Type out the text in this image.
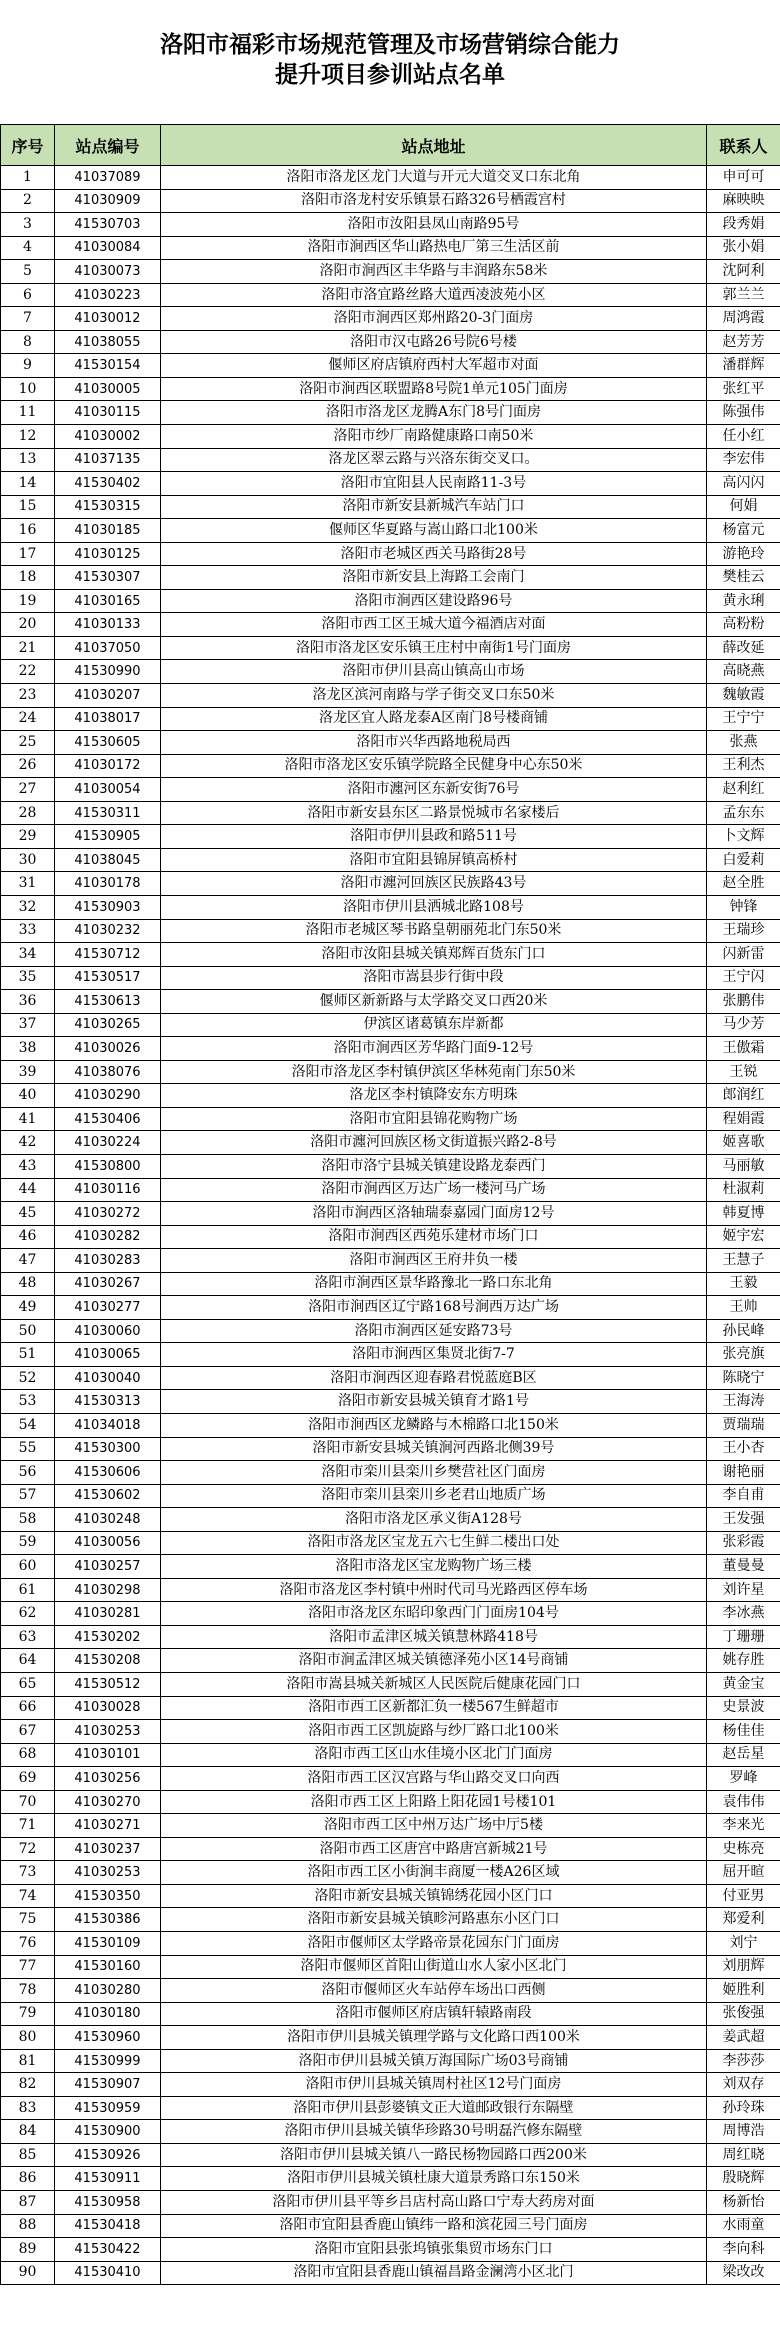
洛阳市福彩市场规范管理及市场营销综合能力
提升项目参训站点名单
序号	站点编号	站点地址	联系人
1	41037089	洛阳市洛龙区龙门大道与开元大道交叉口东北角	申可可
2	41030909	洛阳市洛龙村安乐镇景石路326号栖霞宫村	麻映映
3	41530703	洛阳市汝阳县凤山南路95号	段秀娟
4	41030084	洛阳市涧西区华山路热电厂第三生活区前	张小娟
5	41030073	洛阳市涧西区丰华路与丰润路东58米	沈阿利
6	41030223	洛阳市洛宜路丝路大道西凌波苑小区	郭兰兰
7	41030012	洛阳市涧西区郑州路20-3门面房	周鸿霞
8	41038055	洛阳市汉屯路26号院6号楼	赵芳芳
9	41530154	偃师区府店镇府西村大军超市对面	潘群辉
10	41030005	洛阳市涧西区联盟路8号院1单元105门面房	张红平
11	41030115	洛阳市洛龙区龙腾A东门8号门面房	陈强伟
12	41030002	洛阳市纱厂南路健康路口南50米	任小红
13	41037135	洛龙区翠云路与兴洛东街交叉口。	李宏伟
14	41530402	洛阳市宜阳县人民南路11-3号	高闪闪
15	41530315	洛阳市新安县新城汽车站门口	何娟
16	41030185	偃师区华夏路与嵩山路口北100米	杨富元
17	41030125	洛阳市老城区西关马路街28号	游艳玲
18	41530307	洛阳市新安县上海路工会南门	樊桂云
19	41030165	洛阳市涧西区建设路96号	黄永琍
20	41030133	洛阳市西工区王城大道今福酒店对面	高粉粉
21	41037050	洛阳市洛龙区安乐镇王庄村中南街1号门面房	薛改延
22	41530990	洛阳市伊川县高山镇高山市场	高晓燕
23	41030207	洛龙区滨河南路与学子街交叉口东50米	魏敏霞
24	41038017	洛龙区宜人路龙泰A区南门8号楼商铺	王宁宁
25	41530605	洛阳市兴华西路地税局西	张燕
26	41030172	洛阳市洛龙区安乐镇学院路全民健身中心东50米	王利杰
27	41030054	洛阳市瀍河区东新安街76号	赵利红
28	41530311	洛阳市新安县东区二路景悦城市名家楼后	孟东东
29	41530905	洛阳市伊川县政和路511号	卜文辉
30	41038045	洛阳市宜阳县锦屏镇高桥村	白爱莉
31	41030178	洛阳市瀍河回族区民族路43号	赵全胜
32	41530903	洛阳市伊川县洒城北路108号	钟锋
33	41030232	洛阳市老城区琴书路皇朝丽苑北门东50米	王瑞珍
34	41530712	洛阳市汝阳县城关镇郑辉百货东门口	闪新雷
35	41530517	洛阳市嵩县步行街中段	王宁闪
36	41530613	偃师区新新路与太学路交叉口西20米	张鹏伟
37	41030265	伊滨区诸葛镇东岸新都	马少芳
38	41030026	洛阳市涧西区芳华路门面9-12号	王傲霜
39	41038076	洛阳市洛龙区李村镇伊滨区华林苑南门东50米	王锐
40	41030290	洛龙区李村镇降安东方明珠	郎润红
41	41530406	洛阳市宜阳县锦花购物广场	程娟霞
42	41030224	洛阳市瀍河回族区杨文街道振兴路2-8号	姬喜歌
43	41530800	洛阳市洛宁县城关镇建设路龙泰西门	马丽敏
44	41030116	洛阳市涧西区万达广场一楼河马广场	杜淑莉
45	41030272	洛阳市涧西区洛轴瑞泰嘉园门面房12号	韩夏博
46	41030282	洛阳市涧西区西苑乐建材市场门口	姬宇宏
47	41030283	洛阳市涧西区王府井负一楼	王慧子
48	41030267	洛阳市涧西区景华路豫北一路口东北角	王毅
49	41030277	洛阳市涧西区辽宁路168号涧西万达广场	王帅
50	41030060	洛阳市涧西区延安路73号	孙民峰
51	41030065	洛阳市涧西区集贤北街7-7	张亮旗
52	41030040	洛阳市涧西区迎春路君悦蓝庭B区	陈晓宁
53	41530313	洛阳市新安县城关镇育才路1号	王海涛
54	41034018	洛阳市涧西区龙鳞路与木棉路口北150米	贾瑞瑞
55	41530300	洛阳市新安县城关镇涧河西路北侧39号	王小杏
56	41530606	洛阳市栾川县栾川乡樊营社区门面房	谢艳丽
57	41530602	洛阳市栾川县栾川乡老君山地质广场	李自甫
58	41030248	洛阳市洛龙区承义街A128号	王发强
59	41030056	洛阳市洛龙区宝龙五六七生鲜二楼出口处	张彩霞
60	41030257	洛阳市洛龙区宝龙购物广场三楼	董曼曼
61	41030298	洛阳市洛龙区李村镇中州时代司马光路西区停车场	刘许星
62	41030281	洛阳市洛龙区东昭印象西门门面房104号	李冰燕
63	41530202	洛阳市孟津区城关镇慧林路418号	丁珊珊
64	41530208	洛阳市涧孟津区城关镇德泽苑小区14号商铺	姚存胜
65	41530512	洛阳市嵩县城关新城区人民医院后健康花园门口	黄金宝
66	41030028	洛阳市西工区新都汇负一楼567生鲜超市	史景波
67	41030253	洛阳市西工区凯旋路与纱厂路口北100米	杨佳佳
68	41030101	洛阳市西工区山水佳境小区北门门面房	赵岳星
69	41030256	洛阳市西工区汉宫路与华山路交叉口向西	罗峰
70	41030270	洛阳市西工区上阳路上阳花园1号楼101	袁伟伟
71	41030271	洛阳市西工区中州万达广场中厅5楼	李来光
72	41030237	洛阳市西工区唐宫中路唐宫新城21号	史栋亮
73	41030253	洛阳市西工区小街涧丰商厦一楼A26区域	屈开暄
74	41530350	洛阳市新安县城关镇锦绣花园小区门口	付亚男
75	41530386	洛阳市新安县城关镇畛河路惠东小区门口	郑爱利
76	41530109	洛阳市偃师区太学路帝景花园东门门面房	刘宁
77	41530160	洛阳市偃师区首阳山街道山水人家小区北门	刘朋辉
78	41030280	洛阳市偃师区火车站停车场出口西侧	姬胜利
79	41030180	洛阳市偃师区府店镇轩辕路南段	张俊强
80	41530960	洛阳市伊川县城关镇理学路与文化路口西100米	姜武超
81	41530999	洛阳市伊川县城关镇万海国际广场03号商铺	李莎莎
82	41530907	洛阳市伊川县城关镇周村社区12号门面房	刘双存
83	41530959	洛阳市伊川县彭婆镇文正大道邮政银行东隔壁	孙玲珠
84	41530900	洛阳市伊川县城关镇华珍路30号明磊汽修东隔壁	周博浩
85	41530926	洛阳市伊川县城关镇八一路民杨物园路口西200米	周红晓
86	41530911	洛阳市伊川县城关镇杜康大道景秀路口东150米	殷晓辉
87	41530958	洛阳市伊川县平等乡吕店村高山路口宁寿大药房对面	杨新怡
88	41530418	洛阳市宜阳县香鹿山镇纬一路和滨花园三号门面房	水雨童
89	41530422	洛阳市宜阳县张坞镇张集贸市场东门口	李向科
90	41530410	洛阳市宜阳县香鹿山镇福昌路金澜湾小区北门	梁改改
